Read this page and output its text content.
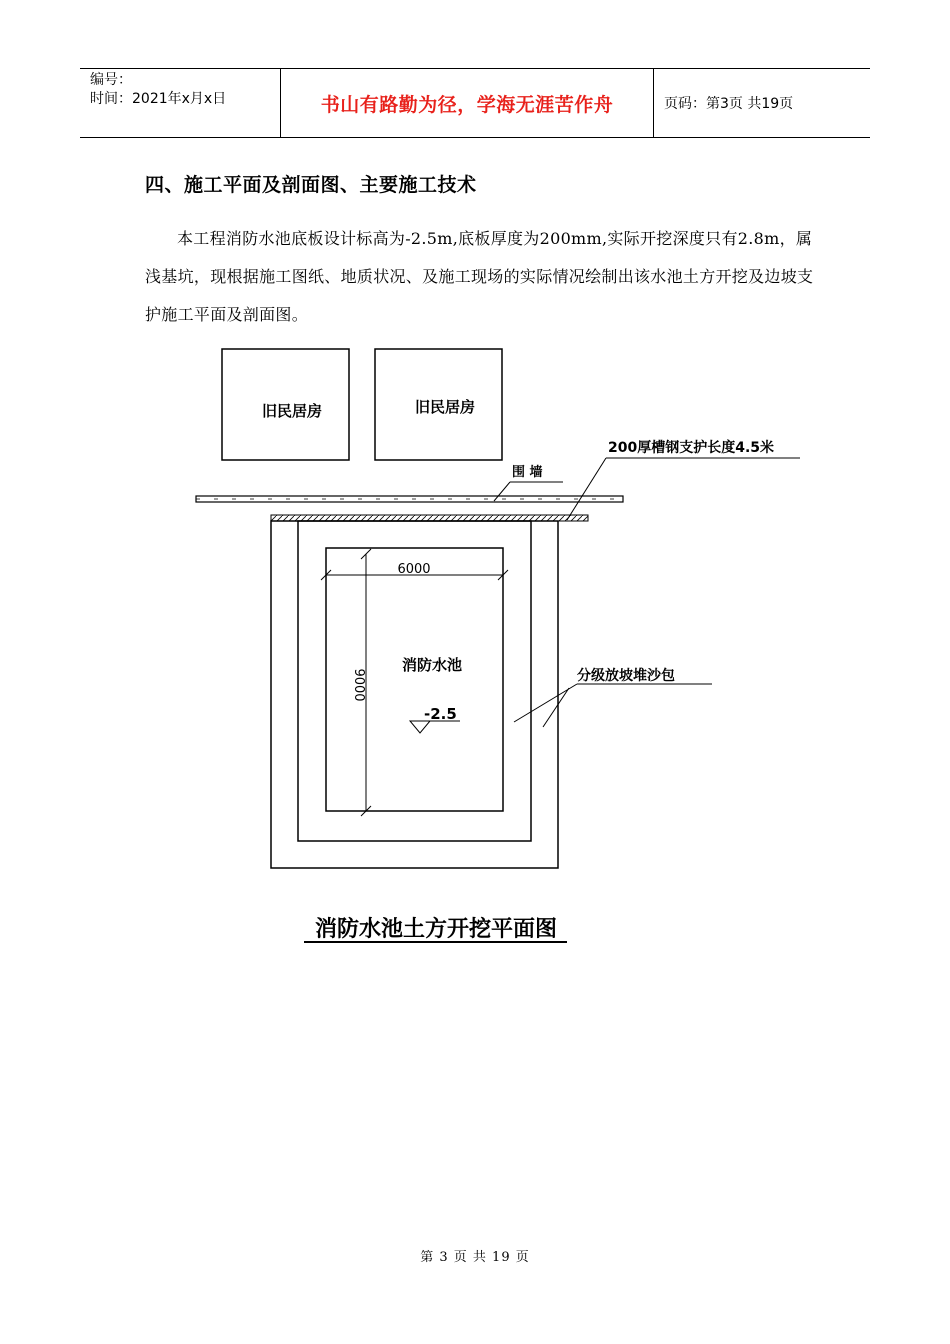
编号：
时间：2021年x月x日	书山有路勤为径，学海无涯苦作舟	页码：第3页 共19页
四、施工平面及剖面图、主要施工技术
本工程消防水池底板设计标高为-2.5m,底板厚度为200mm,实际开挖深度只有2.8m，属浅基坑，现根据施工图纸、地质状况、及施工现场的实际情况绘制出该水池土方开挖及边坡支护施工平面及剖面图。
旧民居房	旧民居房
围 墙
200厚槽钢支护长度4.5米
6000
9000
消防水池
-2.5
分级放坡堆沙包
消防水池土方开挖平面图
第 3 页 共 19 页
